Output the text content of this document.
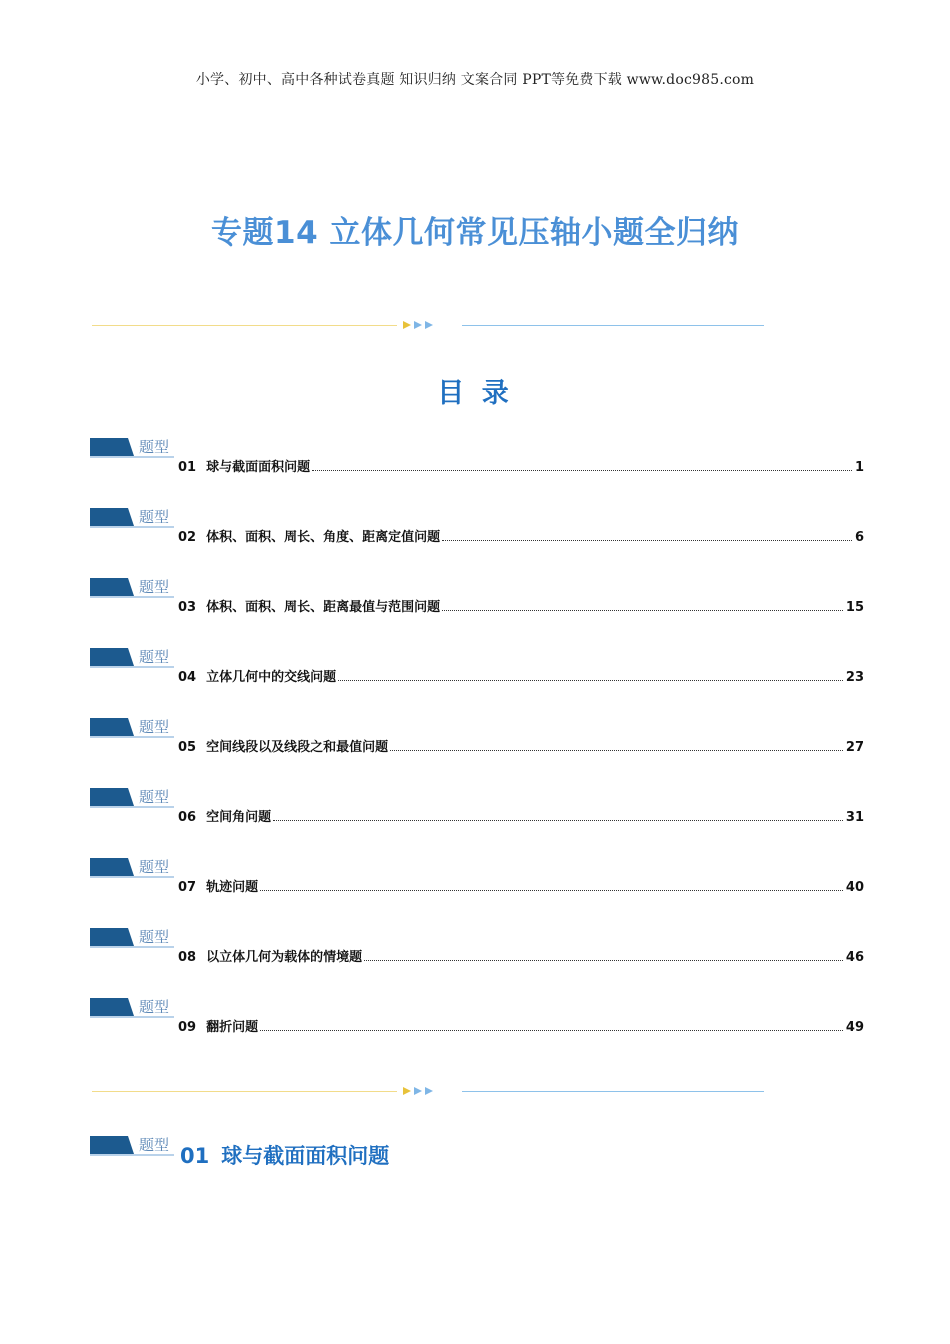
小学、初中、高中各种试卷真题 知识归纳 文案合同 PPT等免费下载 www.doc985.com
专题14 立体几何常见压轴小题全归纳
目 录
题型
01 球与截面面积问题	1
题型
02 体积、面积、周长、角度、距离定值问题	6
题型
03 体积、面积、周长、距离最值与范围问题	15
题型
04 立体几何中的交线问题	23
题型
05 空间线段以及线段之和最值问题	27
题型
06 空间角问题	31
题型
07 轨迹问题	40
题型
08 以立体几何为载体的情境题	46
题型
09 翻折问题	49
题型 01 球与截面面积问题
